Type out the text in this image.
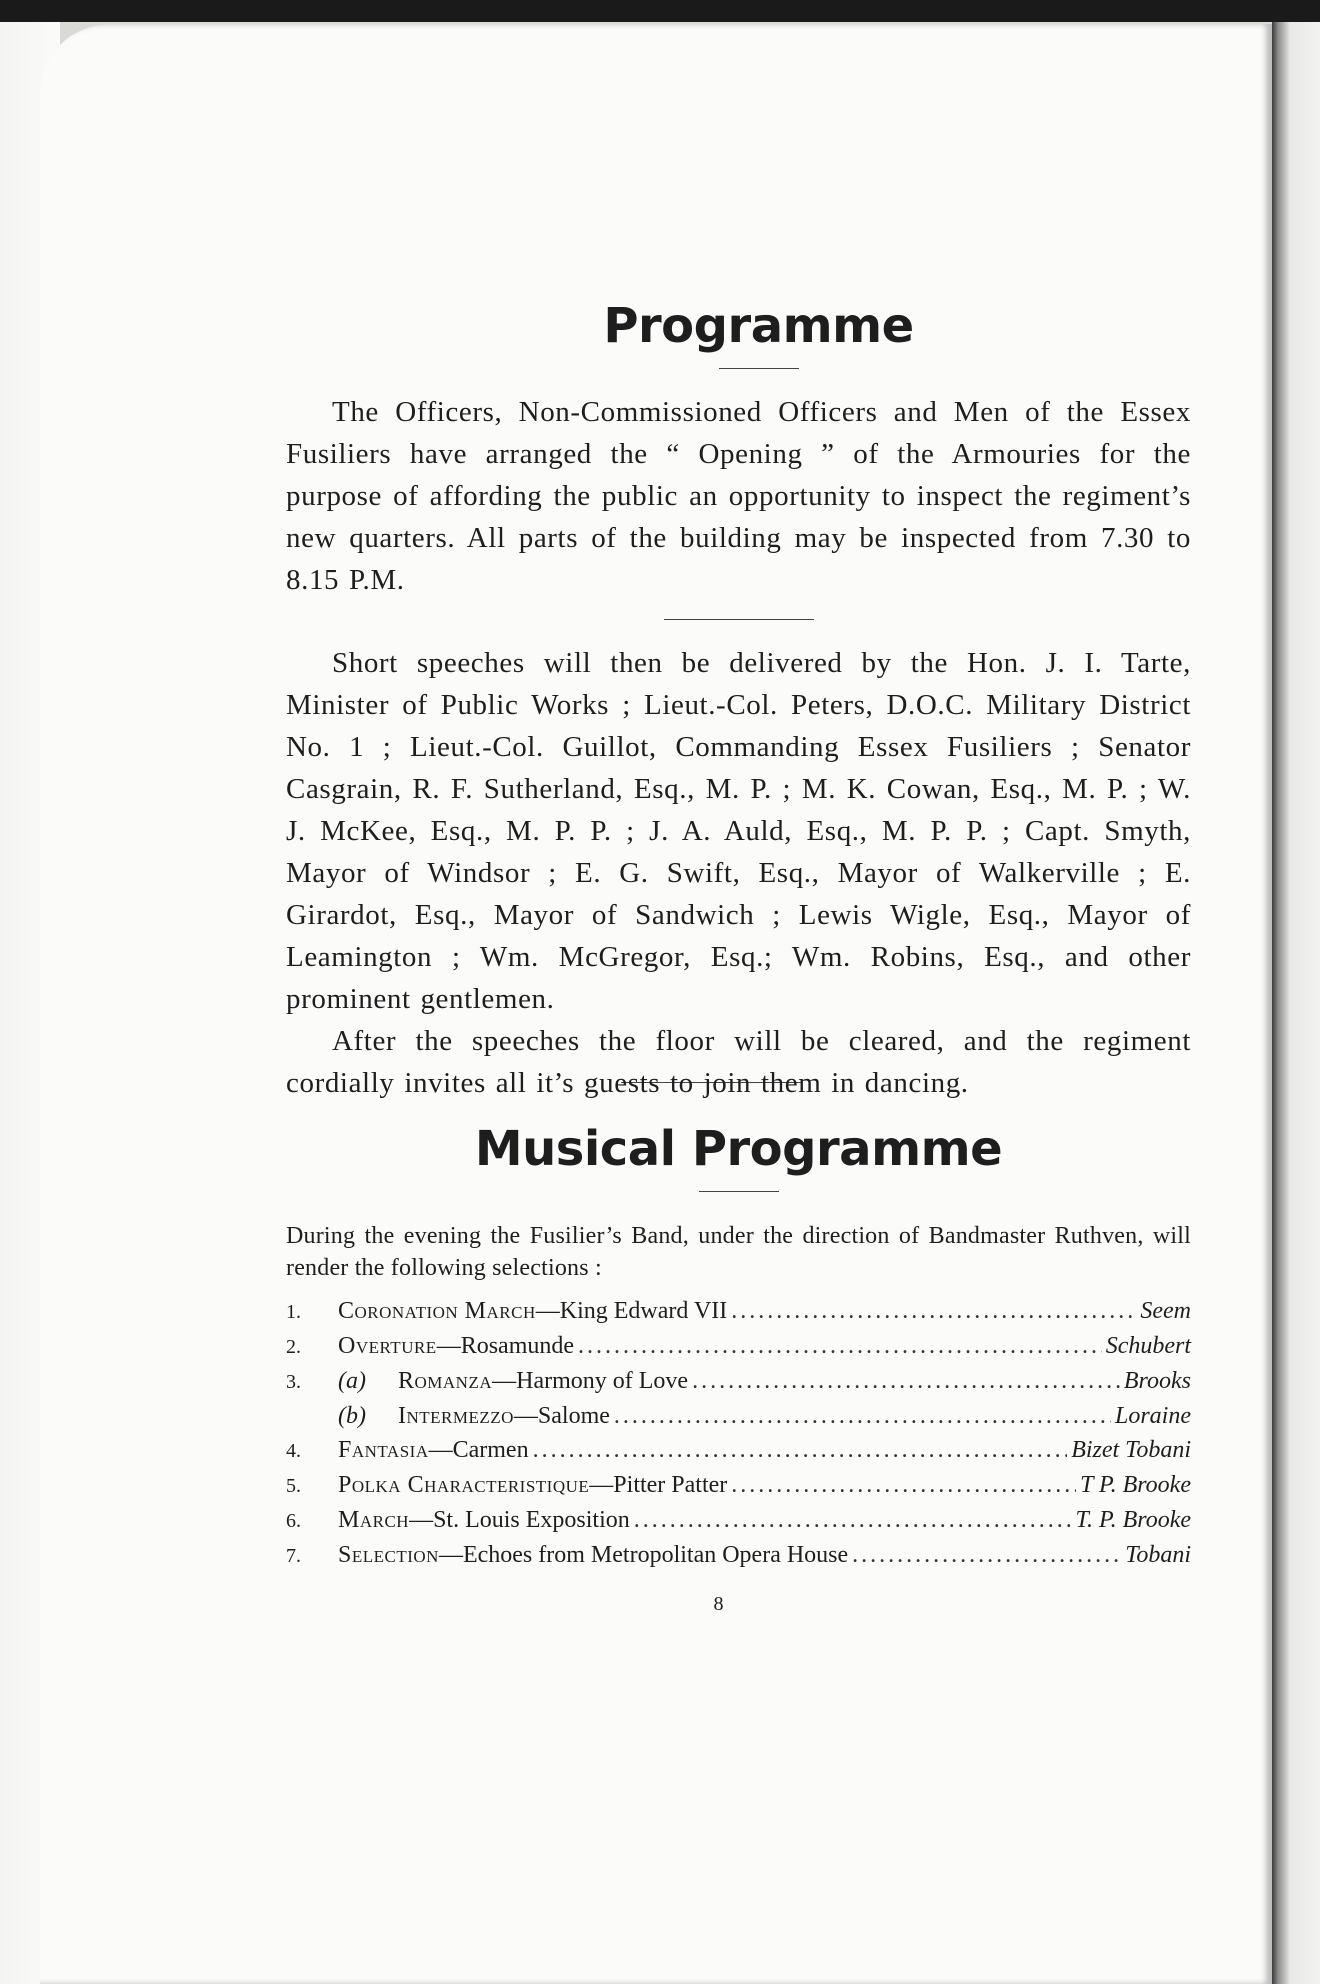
Programme

The Officers, Non-Commissioned Officers and Men of the Essex Fusiliers have arranged the “ Opening ” of the Armouries for the purpose of affording the public an opportunity to inspect the regiment’s new quarters. All parts of the building may be inspected from 7.30 to 8.15 P.M.

Short speeches will then be delivered by the Hon. J. I. Tarte, Minister of Public Works ; Lieut.-Col. Peters, D.O.C. Military District No. 1 ; Lieut.-Col. Guillot, Commanding Essex Fusiliers ; Senator Casgrain, R. F. Sutherland, Esq., M. P. ; M. K. Cowan, Esq., M. P. ; W. J. McKee, Esq., M. P. P. ; J. A. Auld, Esq., M. P. P. ; Capt. Smyth, Mayor of Windsor ; E. G. Swift, Esq., Mayor of Walkerville ; E. Girardot, Esq., Mayor of Sandwich ; Lewis Wigle, Esq., Mayor of Leamington ; Wm. McGregor, Esq.; Wm. Robins, Esq., and other prominent gentlemen.

After the speeches the floor will be cleared, and the regiment cordially invites all it’s guests to join them in dancing.

Musical Programme

During the evening the Fusilier’s Band, under the direction of Bandmaster Ruthven, will render the following selections :

1.	Coronation March —King Edward VII .....	Seem
2.	Overture —Rosamunde .....	Schubert
3.	(a)	Romanza —Harmony of Love .....	Brooks
(b)	Intermezzo —Salome .....	Loraine
4.	Fantasia —Carmen .....	Bizet Tobani
5.	Polka Characteristique —Pitter Patter .....	T P. Brooke
6.	March —St. Louis Exposition .....	T. P. Brooke
7.	Selection —Echoes from Metropolitan Opera House .....	Tobani
8
